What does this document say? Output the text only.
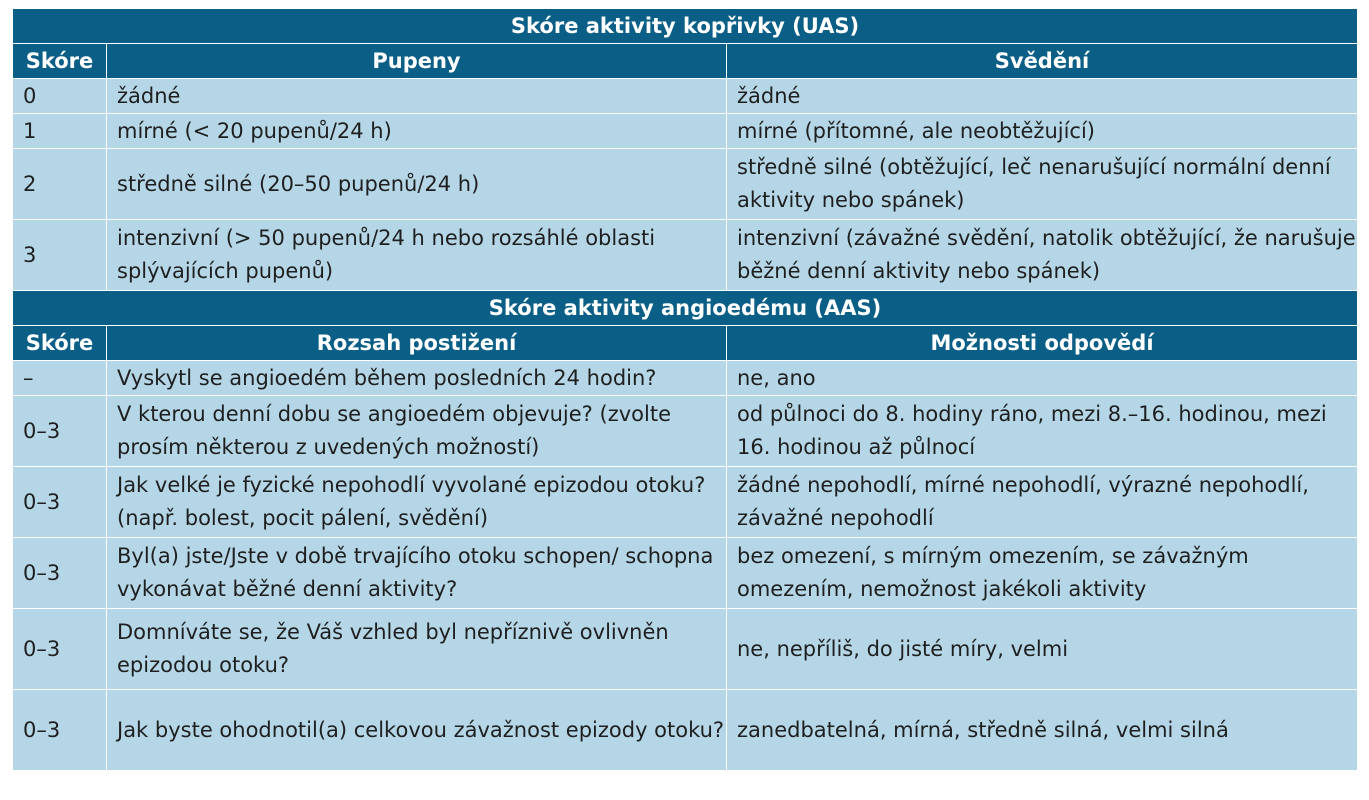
Skóre aktivity kopřivky (UAS)		
Skóre	Pupeny	Svědění
0	žádné	žádné
1	mírné (< 20 pupenů/24 h)	mírné (přítomné, ale neobtěžující)
2	středně silné (20–50 pupenů/24 h)	středně silné (obtěžující, leč nenarušující normální denní aktivity nebo spánek)
3	intenzivní (> 50 pupenů/24 h nebo rozsáhlé oblasti splývajících pupenů)	intenzivní (závažné svědění, natolik obtěžující, že narušuje běžné denní aktivity nebo spánek)
Skóre aktivity angioedému (AAS)		
Skóre	Rozsah postižení	Možnosti odpovědí
–	Vyskytl se angioedém během posledních 24 hodin?	ne, ano
0–3	V kterou denní dobu se angioedém objevuje? (zvolte prosím některou z uvedených možností)	od půlnoci do 8. hodiny ráno, mezi 8.–16. hodinou, mezi 16. hodinou až půlnocí
0–3	Jak velké je fyzické nepohodlí vyvolané epizodou otoku? (např. bolest, pocit pálení, svědění)	žádné nepohodlí, mírné nepohodlí, výrazné nepohodlí, závažné nepohodlí
0–3	Byl(a) jste/Jste v době trvajícího otoku schopen/ schopna vykonávat běžné denní aktivity?	bez omezení, s mírným omezením, se závažným omezením, nemožnost jakékoli aktivity
0–3	Domníváte se, že Váš vzhled byl nepříznivě ovlivněn epizodou otoku?	ne, nepříliš, do jisté míry, velmi
0–3	Jak byste ohodnotil(a) celkovou závažnost epizody otoku?	zanedbatelná, mírná, středně silná, velmi silná
